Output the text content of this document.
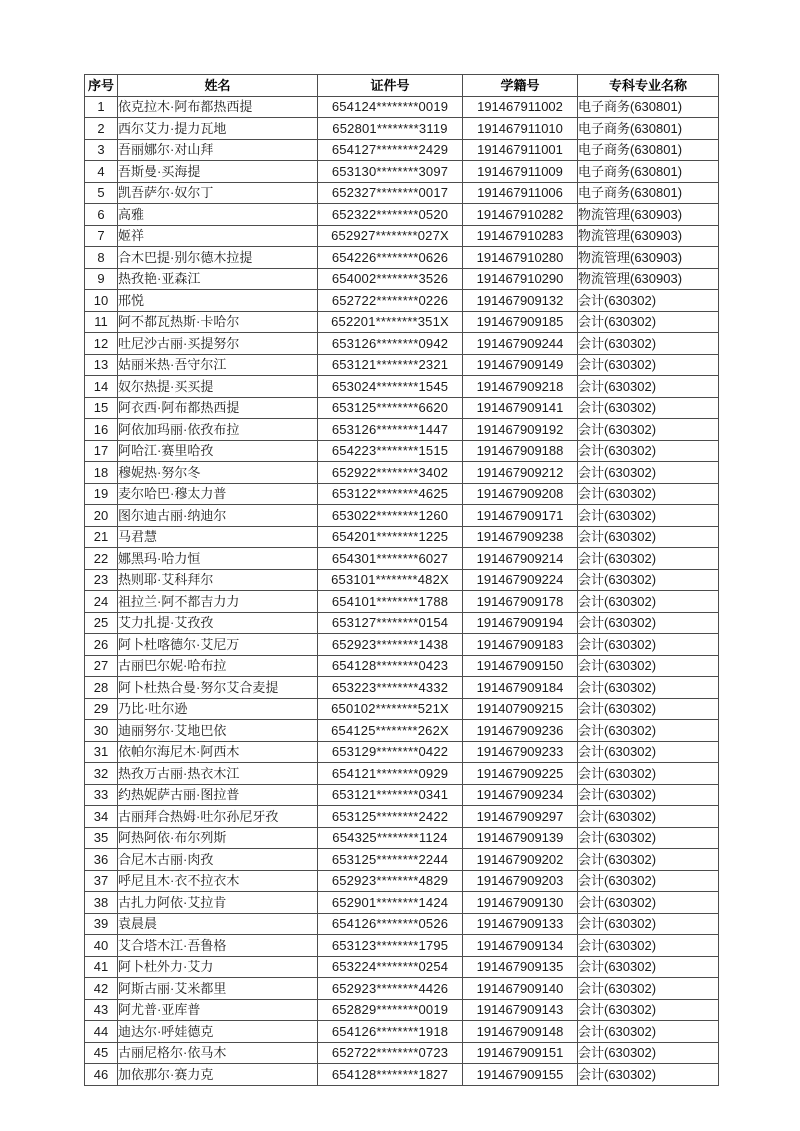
序号	姓名	证件号	学籍号	专科专业名称
1	依克拉木·阿布都热西提	654124********0019	191467911002	电子商务(630801)
2	西尔艾力·提力瓦地	652801********3119	191467911010	电子商务(630801)
3	吾丽娜尔·对山拜	654127********2429	191467911001	电子商务(630801)
4	吾斯曼·买海提	653130********3097	191467911009	电子商务(630801)
5	凯吾萨尔·奴尔丁	652327********0017	191467911006	电子商务(630801)
6	高雅	652322********0520	191467910282	物流管理(630903)
7	姬祥	652927********027X	191467910283	物流管理(630903)
8	合木巴提·别尔德木拉提	654226********0626	191467910280	物流管理(630903)
9	热孜艳·亚森江	654002********3526	191467910290	物流管理(630903)
10	邢悦	652722********0226	191467909132	会计(630302)
11	阿不都瓦热斯·卡哈尔	652201********351X	191467909185	会计(630302)
12	吐尼沙古丽·买提努尔	653126********0942	191467909244	会计(630302)
13	姑丽米热·吾守尔江	653121********2321	191467909149	会计(630302)
14	奴尔热提·买买提	653024********1545	191467909218	会计(630302)
15	阿衣西·阿布都热西提	653125********6620	191467909141	会计(630302)
16	阿依加玛丽·依孜布拉	653126********1447	191467909192	会计(630302)
17	阿哈江·赛里哈孜	654223********1515	191467909188	会计(630302)
18	穆妮热·努尔冬	652922********3402	191467909212	会计(630302)
19	麦尔哈巴·穆太力普	653122********4625	191467909208	会计(630302)
20	图尔迪古丽·纳迪尔	653022********1260	191467909171	会计(630302)
21	马君慧	654201********1225	191467909238	会计(630302)
22	娜黑玛·哈力恒	654301********6027	191467909214	会计(630302)
23	热则耶·艾科拜尔	653101********482X	191467909224	会计(630302)
24	祖拉兰·阿不都吉力力	654101********1788	191467909178	会计(630302)
25	艾力扎提·艾孜孜	653127********0154	191467909194	会计(630302)
26	阿卜杜喀德尔·艾尼万	652923********1438	191467909183	会计(630302)
27	古丽巴尔妮·哈布拉	654128********0423	191467909150	会计(630302)
28	阿卜杜热合曼·努尔艾合麦提	653223********4332	191467909184	会计(630302)
29	乃比·吐尔逊	650102********521X	191407909215	会计(630302)
30	迪丽努尔·艾地巴依	654125********262X	191467909236	会计(630302)
31	依帕尔海尼木·阿西木	653129********0422	191467909233	会计(630302)
32	热孜万古丽·热衣木江	654121********0929	191467909225	会计(630302)
33	约热妮萨古丽·图拉普	653121********0341	191467909234	会计(630302)
34	古丽拜合热姆·吐尔孙尼牙孜	653125********2422	191467909297	会计(630302)
35	阿热阿依·布尔列斯	654325********1124	191467909139	会计(630302)
36	合尼木古丽·肉孜	653125********2244	191467909202	会计(630302)
37	呼尼且木·衣不拉衣木	652923********4829	191467909203	会计(630302)
38	古扎力阿依·艾拉肯	652901********1424	191467909130	会计(630302)
39	袁晨晨	654126********0526	191467909133	会计(630302)
40	艾合塔木江·吾鲁格	653123********1795	191467909134	会计(630302)
41	阿卜杜外力·艾力	653224********0254	191467909135	会计(630302)
42	阿斯古丽·艾米都里	652923********4426	191467909140	会计(630302)
43	阿尤普·亚库普	652829********0019	191467909143	会计(630302)
44	迪达尔·呼娃德克	654126********1918	191467909148	会计(630302)
45	古丽尼格尔·依马木	652722********0723	191467909151	会计(630302)
46	加依那尔·赛力克	654128********1827	191467909155	会计(630302)
